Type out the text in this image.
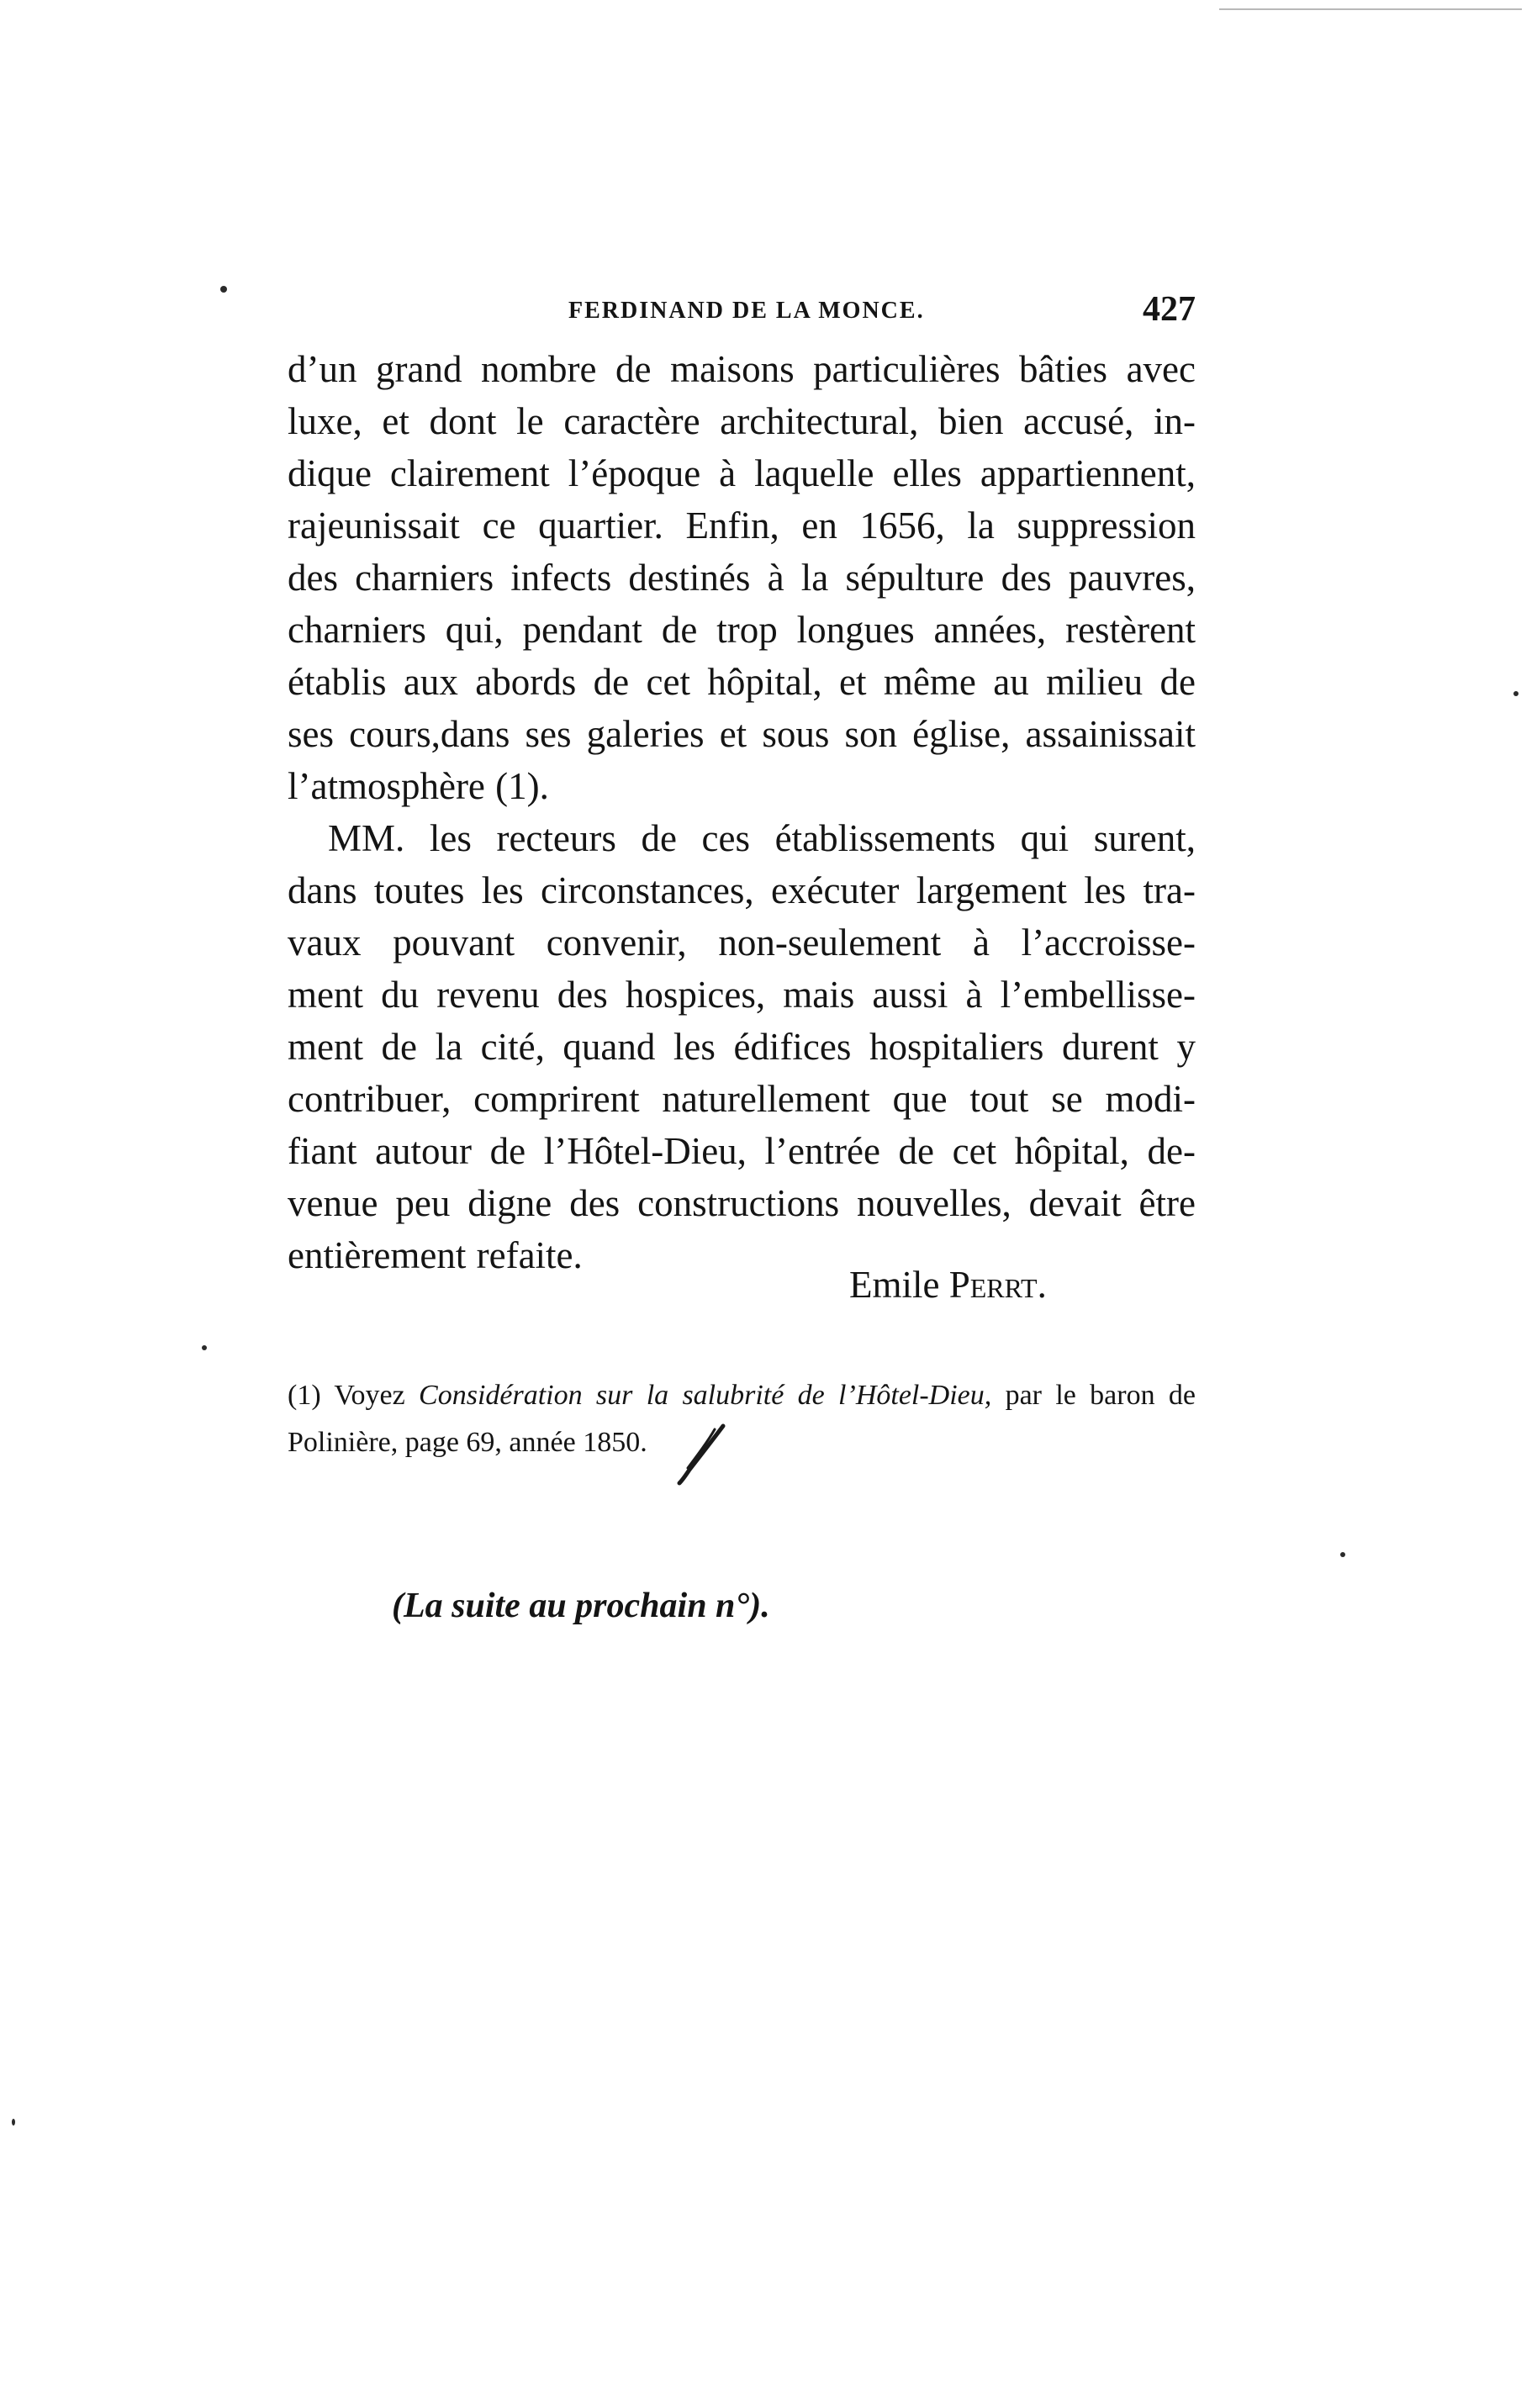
FERDINAND DE LA MONCE.	427
d’un grand nombre de maisons particulières bâties avec
luxe, et dont le caractère architectural, bien accusé, in-
dique clairement l’époque à laquelle elles appartiennent,
rajeunissait ce quartier. Enfin, en 1656, la suppression
des charniers infects destinés à la sépulture des pauvres,
charniers qui, pendant de trop longues années, restèrent
établis aux abords de cet hôpital, et même au milieu de
ses cours,dans ses galeries et sous son église, assainissait
l’atmosphère (1).
MM. les recteurs de ces établissements qui surent,
dans toutes les circonstances, exécuter largement les tra-
vaux pouvant convenir, non-seulement à l’accroisse-
ment du revenu des hospices, mais aussi à l’embellisse-
ment de la cité, quand les édifices hospitaliers durent y
contribuer, comprirent naturellement que tout se modi-
fiant autour de l’Hôtel-Dieu, l’entrée de cet hôpital, de-
venue peu digne des constructions nouvelles, devait être
entièrement refaite.
Emile Perrt.
(1) Voyez Considération sur la salubrité de l’Hôtel-Dieu, par le baron de
Polinière, page 69, année 1850.
(La suite au prochain n°).
